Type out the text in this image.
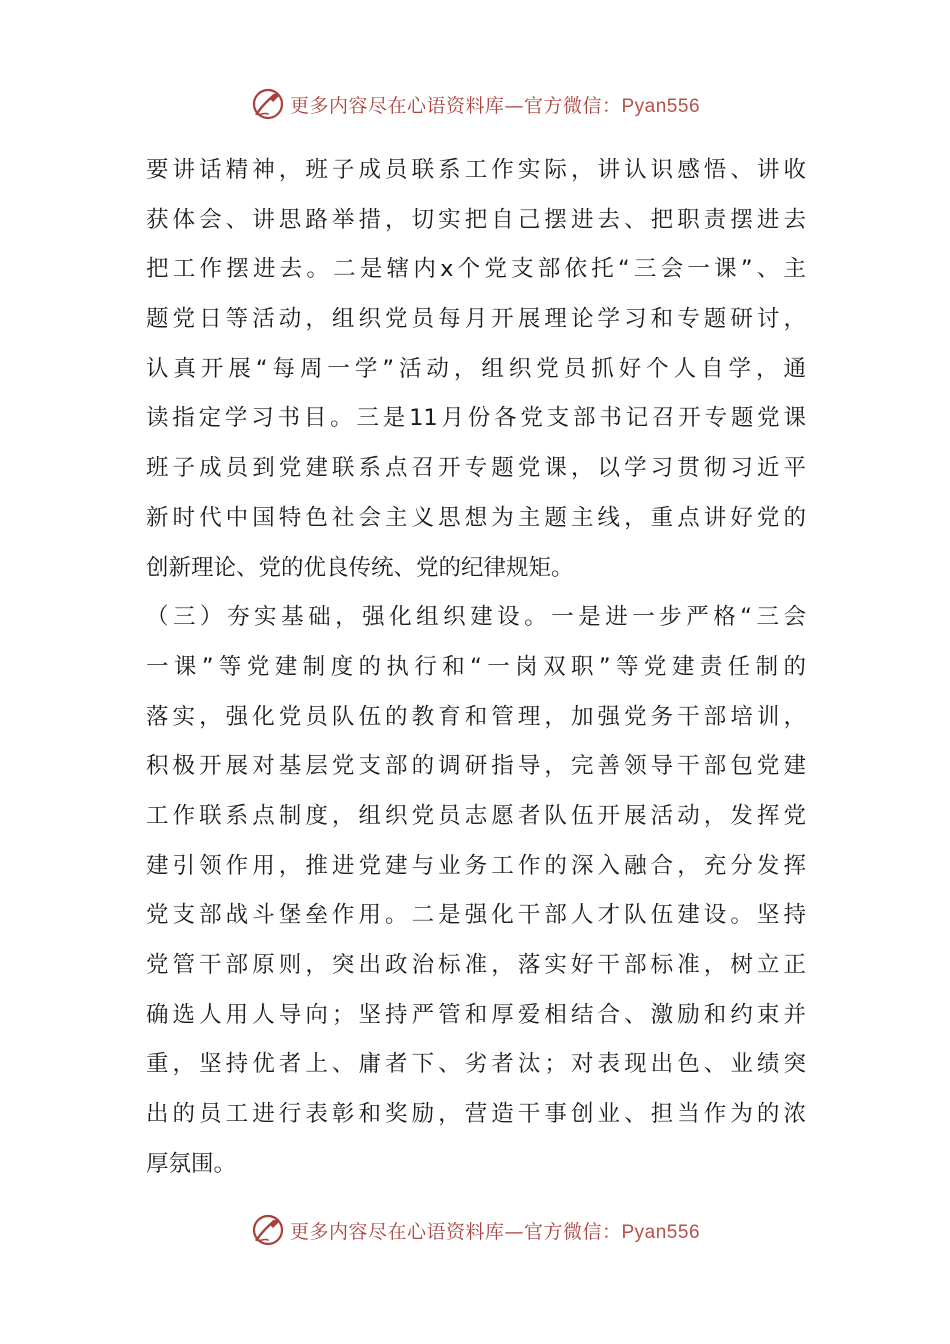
更多内容尽在心语资料库—官方微信：Pyan556
要讲话精神，班子成员联系工作实际，讲认识感悟、讲收
获体会、讲思路举措，切实把自己摆进去、把职责摆进去
把工作摆进去。二是辖内x个党支部依托“三会一课”、主
题党日等活动，组织党员每月开展理论学习和专题研讨，
认真开展“每周一学”活动，组织党员抓好个人自学，通
读指定学习书目。三是11月份各党支部书记召开专题党课
班子成员到党建联系点召开专题党课，以学习贯彻习近平
新时代中国特色社会主义思想为主题主线，重点讲好党的
创新理论、党的优良传统、党的纪律规矩。
（三）夯实基础，强化组织建设。一是进一步严格“三会
一课”等党建制度的执行和“一岗双职”等党建责任制的
落实，强化党员队伍的教育和管理，加强党务干部培训，
积极开展对基层党支部的调研指导，完善领导干部包党建
工作联系点制度，组织党员志愿者队伍开展活动，发挥党
建引领作用，推进党建与业务工作的深入融合，充分发挥
党支部战斗堡垒作用。二是强化干部人才队伍建设。坚持
党管干部原则，突出政治标准，落实好干部标准，树立正
确选人用人导向；坚持严管和厚爱相结合、激励和约束并
重，坚持优者上、庸者下、劣者汰；对表现出色、业绩突
出的员工进行表彰和奖励，营造干事创业、担当作为的浓
厚氛围。
更多内容尽在心语资料库—官方微信：Pyan556
